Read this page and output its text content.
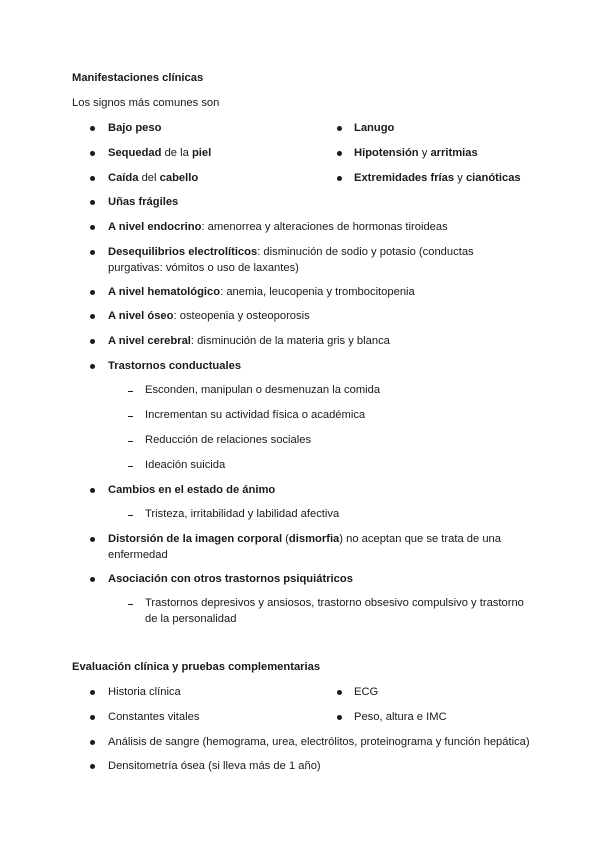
Manifestaciones clínicas
Los signos más comunes son
Bajo peso
Sequedad de la piel
Caída del cabello
Uñas frágiles
Lanugo
Hipotensión y arritmias
Extremidades frías y cianóticas
A nivel endocrino: amenorrea y alteraciones de hormonas tiroideas
Desequilibrios electrolíticos: disminución de sodio y potasio (conductas
purgativas: vómitos o uso de laxantes)
A nivel hematológico: anemia, leucopenia y trombocitopenia
A nivel óseo: osteopenia y osteoporosis
A nivel cerebral: disminución de la materia gris y blanca
Trastornos conductuales
Esconden, manipulan o desmenuzan la comida
Incrementan su actividad física o académica
Reducción de relaciones sociales
Ideación suicida
Cambios en el estado de ánimo
Tristeza, irritabilidad y labilidad afectiva
Distorsión de la imagen corporal (dismorfia) no aceptan que se trata de una
enfermedad
Asociación con otros trastornos psiquiátricos
Trastornos depresivos y ansiosos, trastorno obsesivo compulsivo y trastorno
de la personalidad
Evaluación clínica y pruebas complementarias
Historia clínica
Constantes vitales
ECG
Peso, altura e IMC
Análisis de sangre (hemograma, urea, electrólitos, proteinograma y función hepática)
Densitometría ósea (si lleva más de 1 año)
